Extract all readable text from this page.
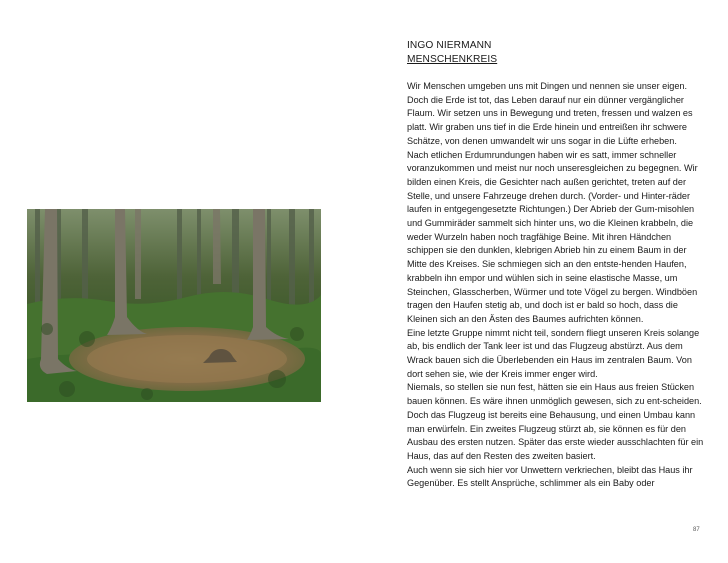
INGO NIERMANN
MENSCHENKREIS

Wir Menschen umgeben uns mit Dingen und nennen sie unser eigen. Doch die Erde ist tot, das Leben darauf nur ein dünner vergänglicher Flaum. Wir setzen uns in Bewegung und treten, fressen und walzen es platt. Wir graben uns tief in die Erde hinein und entreißen ihr schwere Schätze, von denen umwandelt wir uns sogar in die Lüfte erheben.

Nach etlichen Erdumrundungen haben wir es satt, immer schneller voranzukommen und meist nur noch unseresgleichen zu begegnen. Wir bilden einen Kreis, die Gesichter nach außen gerichtet, treten auf der Stelle, und unsere Fahrzeuge drehen durch. (Vorder- und Hinter-räder laufen in entgegengesetzte Richtungen.) Der Abrieb der Gum-misohlen und Gummiräder sammelt sich hinter uns, wo die Kleinen krabbeln, die weder Wurzeln haben noch tragfähige Beine. Mit ihren Händchen schippen sie den dunklen, klebrigen Abrieb hin zu einem Baum in der Mitte des Kreises. Sie schmiegen sich an den entste-henden Haufen, krabbeln ihn empor und wühlen sich in seine elastische Masse, um Steinchen, Glasscherben, Würmer und tote Vögel zu bergen. Windböen tragen den Haufen stetig ab, und doch ist er bald so hoch, dass die Kleinen sich an den Ästen des Baumes aufrichten können.

Eine letzte Gruppe nimmt nicht teil, sondern fliegt unseren Kreis solange ab, bis endlich der Tank leer ist und das Flugzeug abstürzt. Aus dem Wrack bauen sich die Überlebenden ein Haus im zentralen Baum. Von dort sehen sie, wie der Kreis immer enger wird.

Niemals, so stellen sie nun fest, hätten sie ein Haus aus freien Stücken bauen können. Es wäre ihnen unmöglich gewesen, sich zu ent-scheiden. Doch das Flugzeug ist bereits eine Behausung, und einen Umbau kann man erwürfeln. Ein zweites Flugzeug stürzt ab, sie können es für den Ausbau des ersten nutzen. Später das erste wieder ausschlachten für ein Haus, das auf den Resten des zweiten basiert.

Auch wenn sie sich hier vor Unwettern verkriechen, bleibt das Haus ihr Gegenüber. Es stellt Ansprüche, schlimmer als ein Baby oder

87
